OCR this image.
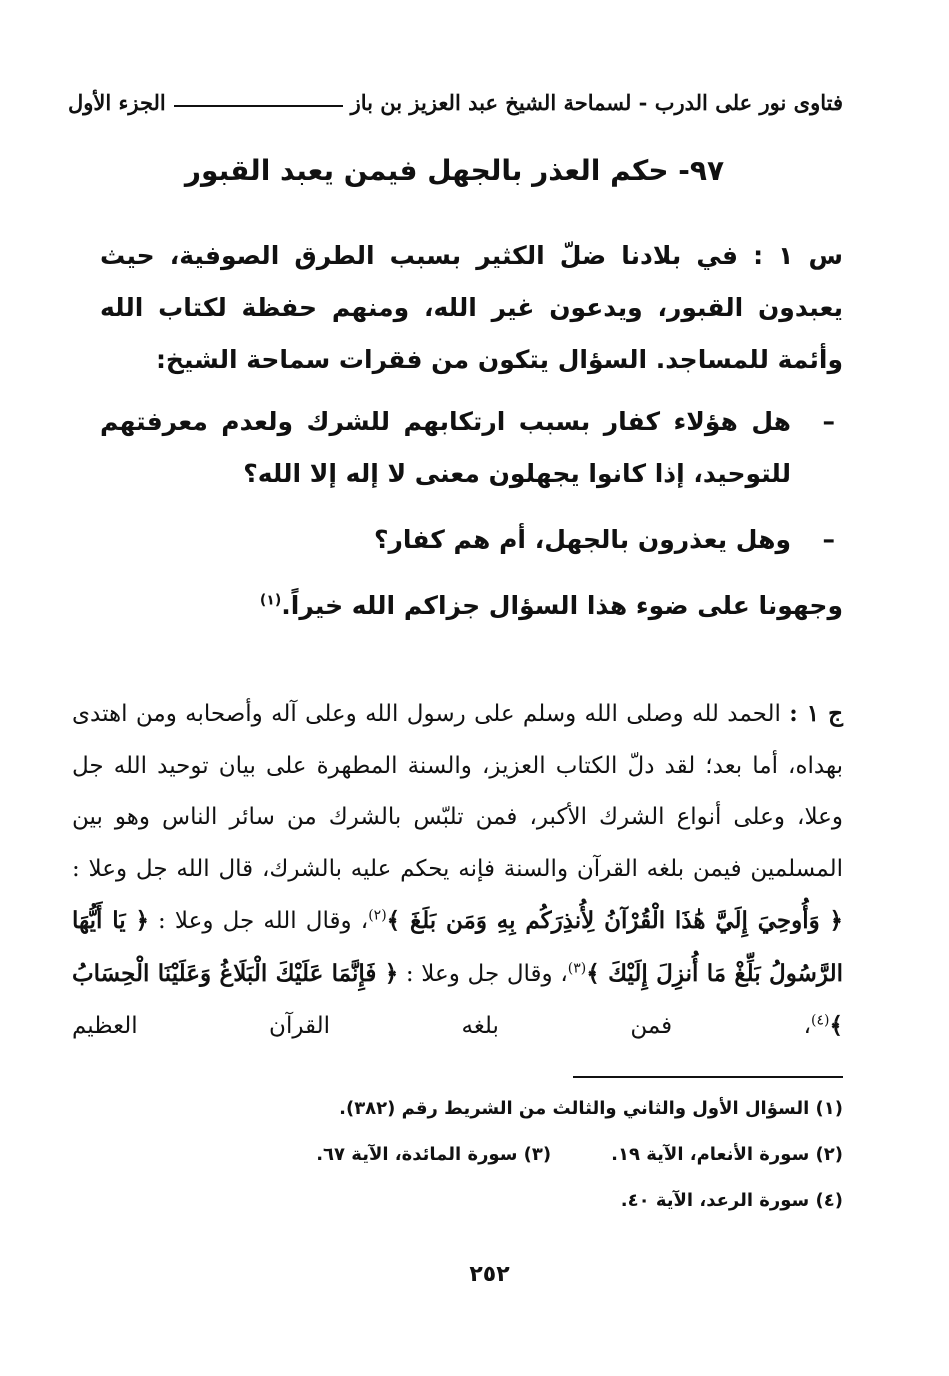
فتاوى نور على الدرب - لسماحة الشيخ عبد العزيز بن باز
الجزء الأول
٩٧- حكم العذر بالجهل فيمن يعبد القبور

س ١ : في بلادنا ضلّ الكثير بسبب الطرق الصوفية، حيث يعبدون القبور، ويدعون غير الله، ومنهم حفظة لكتاب الله وأئمة للمساجد. السؤال يتكون من فقرات سماحة الشيخ:

–
هل هؤلاء كفار بسبب ارتكابهم للشرك ولعدم معرفتهم للتوحيد، إذا كانوا يجهلون معنى لا إله إلا الله؟
–
وهل يعذرون بالجهل، أم هم كفار؟

وجهونا على ضوء هذا السؤال جزاكم الله خيراً.$^{(١)}$

ج ١ : الحمد لله وصلى الله وسلم على رسول الله وعلى آله وأصحابه ومن اهتدى بهداه، أما بعد؛ لقد دلّ الكتاب العزيز، والسنة المطهرة على بيان توحيد الله جل وعلا، وعلى أنواع الشرك الأكبر، فمن تلبّس بالشرك من سائر الناس وهو بين المسلمين فيمن بلغه القرآن والسنة فإنه يحكم عليه بالشرك، قال الله جل وعلا : ﴿ وَأُوحِيَ إِلَيَّ هَٰذَا الْقُرْآنُ لِأُنذِرَكُم بِهِ وَمَن بَلَغَ ﴾$^{(٢)}$، وقال الله جل وعلا : ﴿ يَا أَيُّهَا الرَّسُولُ بَلِّغْ مَا أُنزِلَ إِلَيْكَ ﴾$^{(٣)}$، وقال جل وعلا : ﴿ فَإِنَّمَا عَلَيْكَ الْبَلَاغُ وَعَلَيْنَا الْحِسَابُ ﴾$^{(٤)}$، فمن بلغه القرآن العظيم
(١) السؤال الأول والثاني والثالث من الشريط رقم (٣٨٢).
(٢) سورة الأنعام، الآية ١٩.
(٣) سورة المائدة، الآية ٦٧.
(٤) سورة الرعد، الآية ٤٠.
٢٥٢
